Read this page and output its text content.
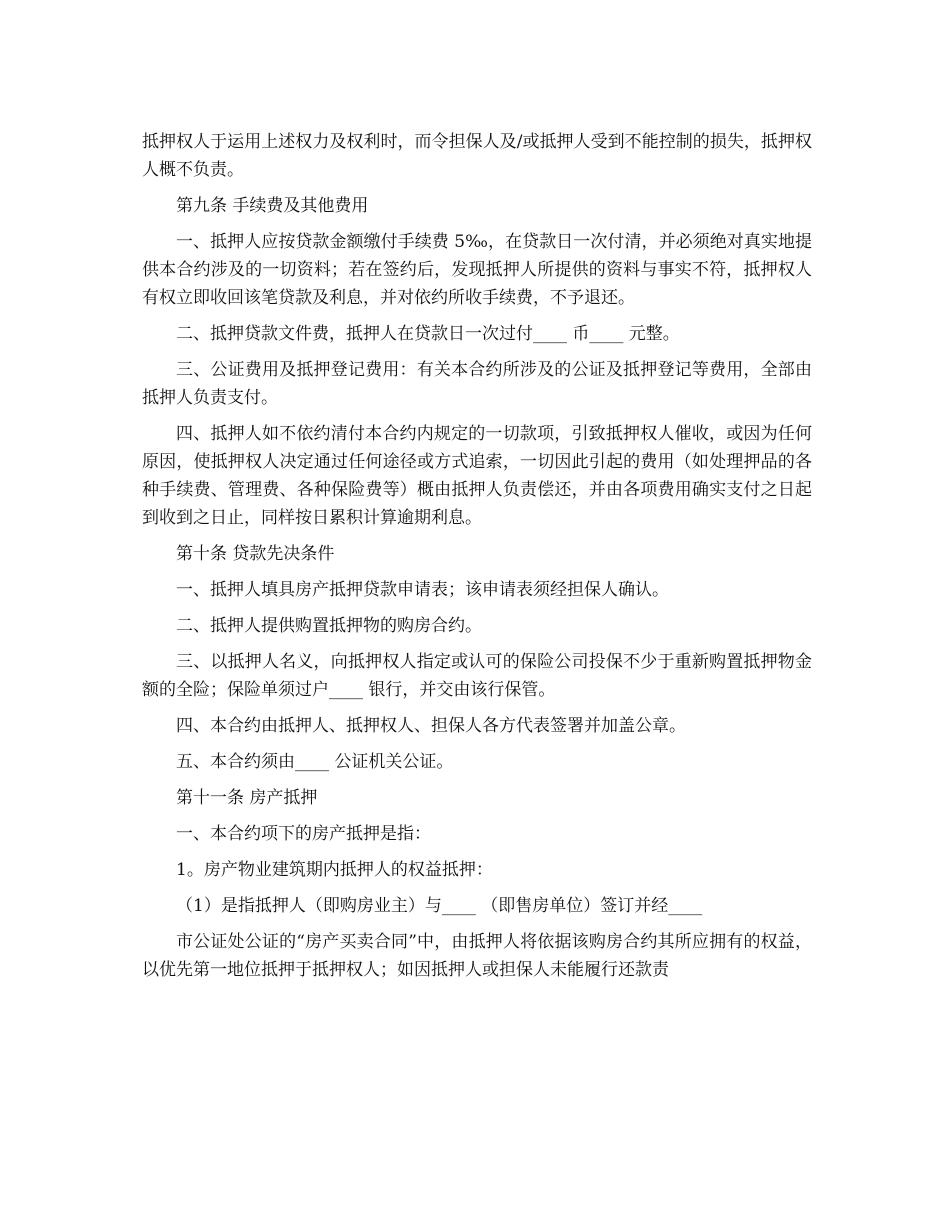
抵押权人于运用上述权力及权利时，而令担保人及/或抵押人受到不能控制的损失，抵押权人概不负责。

第九条 手续费及其他费用

一、抵押人应按贷款金额缴付手续费 5‰，在贷款日一次付清，并必须绝对真实地提供本合约涉及的一切资料；若在签约后，发现抵押人所提供的资料与事实不符，抵押权人有权立即收回该笔贷款及利息，并对依约所收手续费，不予退还。

二、抵押贷款文件费，抵押人在贷款日一次过付____ 币____ 元整。

三、公证费用及抵押登记费用：有关本合约所涉及的公证及抵押登记等费用，全部由抵押人负责支付。

四、抵押人如不依约清付本合约内规定的一切款项，引致抵押权人催收，或因为任何原因，使抵押权人决定通过任何途径或方式追索，一切因此引起的费用（如处理押品的各种手续费、管理费、各种保险费等）概由抵押人负责偿还，并由各项费用确实支付之日起到收到之日止，同样按日累积计算逾期利息。

第十条 贷款先决条件

一、抵押人填具房产抵押贷款申请表；该申请表须经担保人确认。

二、抵押人提供购置抵押物的购房合约。

三、以抵押人名义，向抵押权人指定或认可的保险公司投保不少于重新购置抵押物金额的全险；保险单须过户____ 银行，并交由该行保管。

四、本合约由抵押人、抵押权人、担保人各方代表签署并加盖公章。

五、本合约须由____ 公证机关公证。

第十一条 房产抵押

一、本合约项下的房产抵押是指：

1。房产物业建筑期内抵押人的权益抵押：

（1）是指抵押人（即购房业主）与____ （即售房单位）签订并经____

市公证处公证的“房产买卖合同”中，由抵押人将依据该购房合约其所应拥有的权益，以优先第一地位抵押于抵押权人；如因抵押人或担保人未能履行还款责
